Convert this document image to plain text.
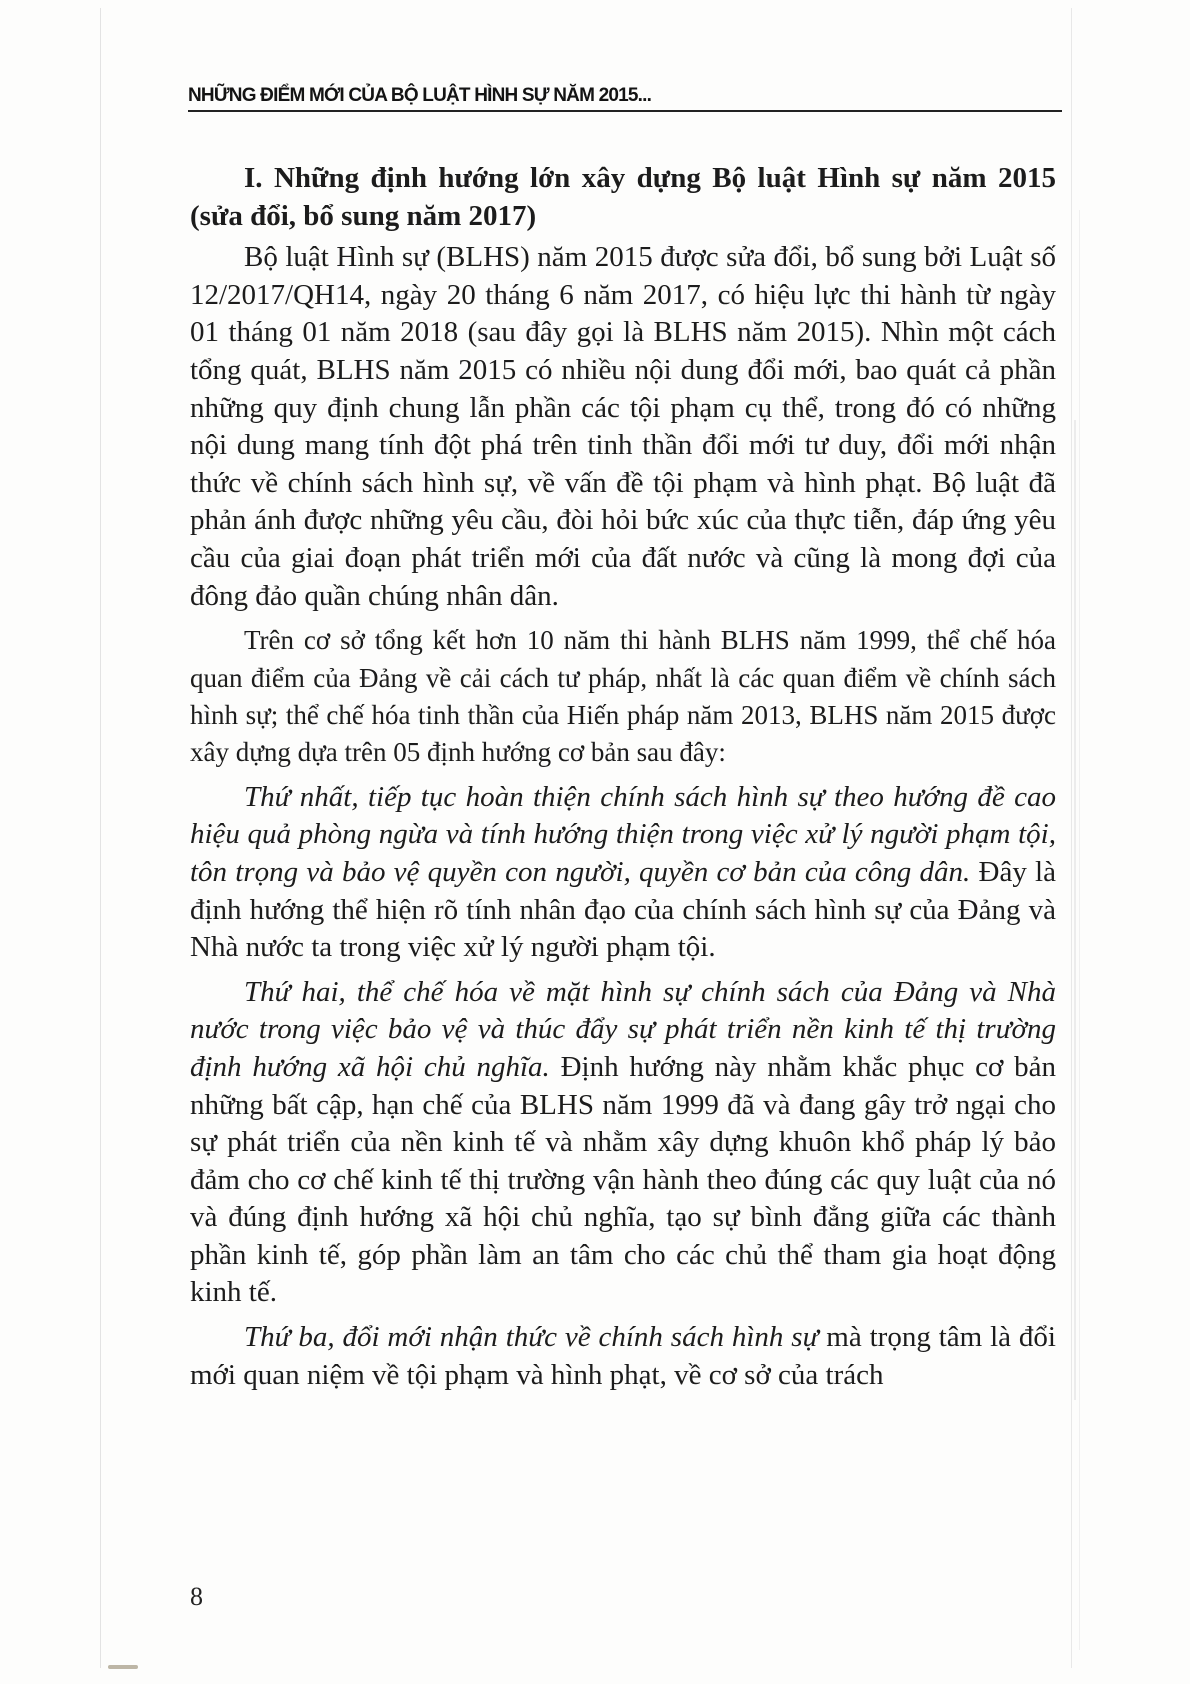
NHỮNG ĐIỂM MỚI CỦA BỘ LUẬT HÌNH SỰ NĂM 2015...

I. Những định hướng lớn xây dựng Bộ luật Hình sự năm 2015 (sửa đổi, bổ sung năm 2017)

Bộ luật Hình sự (BLHS) năm 2015 được sửa đổi, bổ sung bởi Luật số 12/2017/QH14, ngày 20 tháng 6 năm 2017, có hiệu lực thi hành từ ngày 01 tháng 01 năm 2018 (sau đây gọi là BLHS năm 2015). Nhìn một cách tổng quát, BLHS năm 2015 có nhiều nội dung đổi mới, bao quát cả phần những quy định chung lẫn phần các tội phạm cụ thể, trong đó có những nội dung mang tính đột phá trên tinh thần đổi mới tư duy, đổi mới nhận thức về chính sách hình sự, về vấn đề tội phạm và hình phạt. Bộ luật đã phản ánh được những yêu cầu, đòi hỏi bức xúc của thực tiễn, đáp ứng yêu cầu của giai đoạn phát triển mới của đất nước và cũng là mong đợi của đông đảo quần chúng nhân dân.

Trên cơ sở tổng kết hơn 10 năm thi hành BLHS năm 1999, thể chế hóa quan điểm của Đảng về cải cách tư pháp, nhất là các quan điểm về chính sách hình sự; thể chế hóa tinh thần của Hiến pháp năm 2013, BLHS năm 2015 được xây dựng dựa trên 05 định hướng cơ bản sau đây:

Thứ nhất, tiếp tục hoàn thiện chính sách hình sự theo hướng đề cao hiệu quả phòng ngừa và tính hướng thiện trong việc xử lý người phạm tội, tôn trọng và bảo vệ quyền con người, quyền cơ bản của công dân. Đây là định hướng thể hiện rõ tính nhân đạo của chính sách hình sự của Đảng và Nhà nước ta trong việc xử lý người phạm tội.

Thứ hai, thể chế hóa về mặt hình sự chính sách của Đảng và Nhà nước trong việc bảo vệ và thúc đẩy sự phát triển nền kinh tế thị trường định hướng xã hội chủ nghĩa. Định hướng này nhằm khắc phục cơ bản những bất cập, hạn chế của BLHS năm 1999 đã và đang gây trở ngại cho sự phát triển của nền kinh tế và nhằm xây dựng khuôn khổ pháp lý bảo đảm cho cơ chế kinh tế thị trường vận hành theo đúng các quy luật của nó và đúng định hướng xã hội chủ nghĩa, tạo sự bình đẳng giữa các thành phần kinh tế, góp phần làm an tâm cho các chủ thể tham gia hoạt động kinh tế.

Thứ ba, đổi mới nhận thức về chính sách hình sự mà trọng tâm là đổi mới quan niệm về tội phạm và hình phạt, về cơ sở của trách

8
